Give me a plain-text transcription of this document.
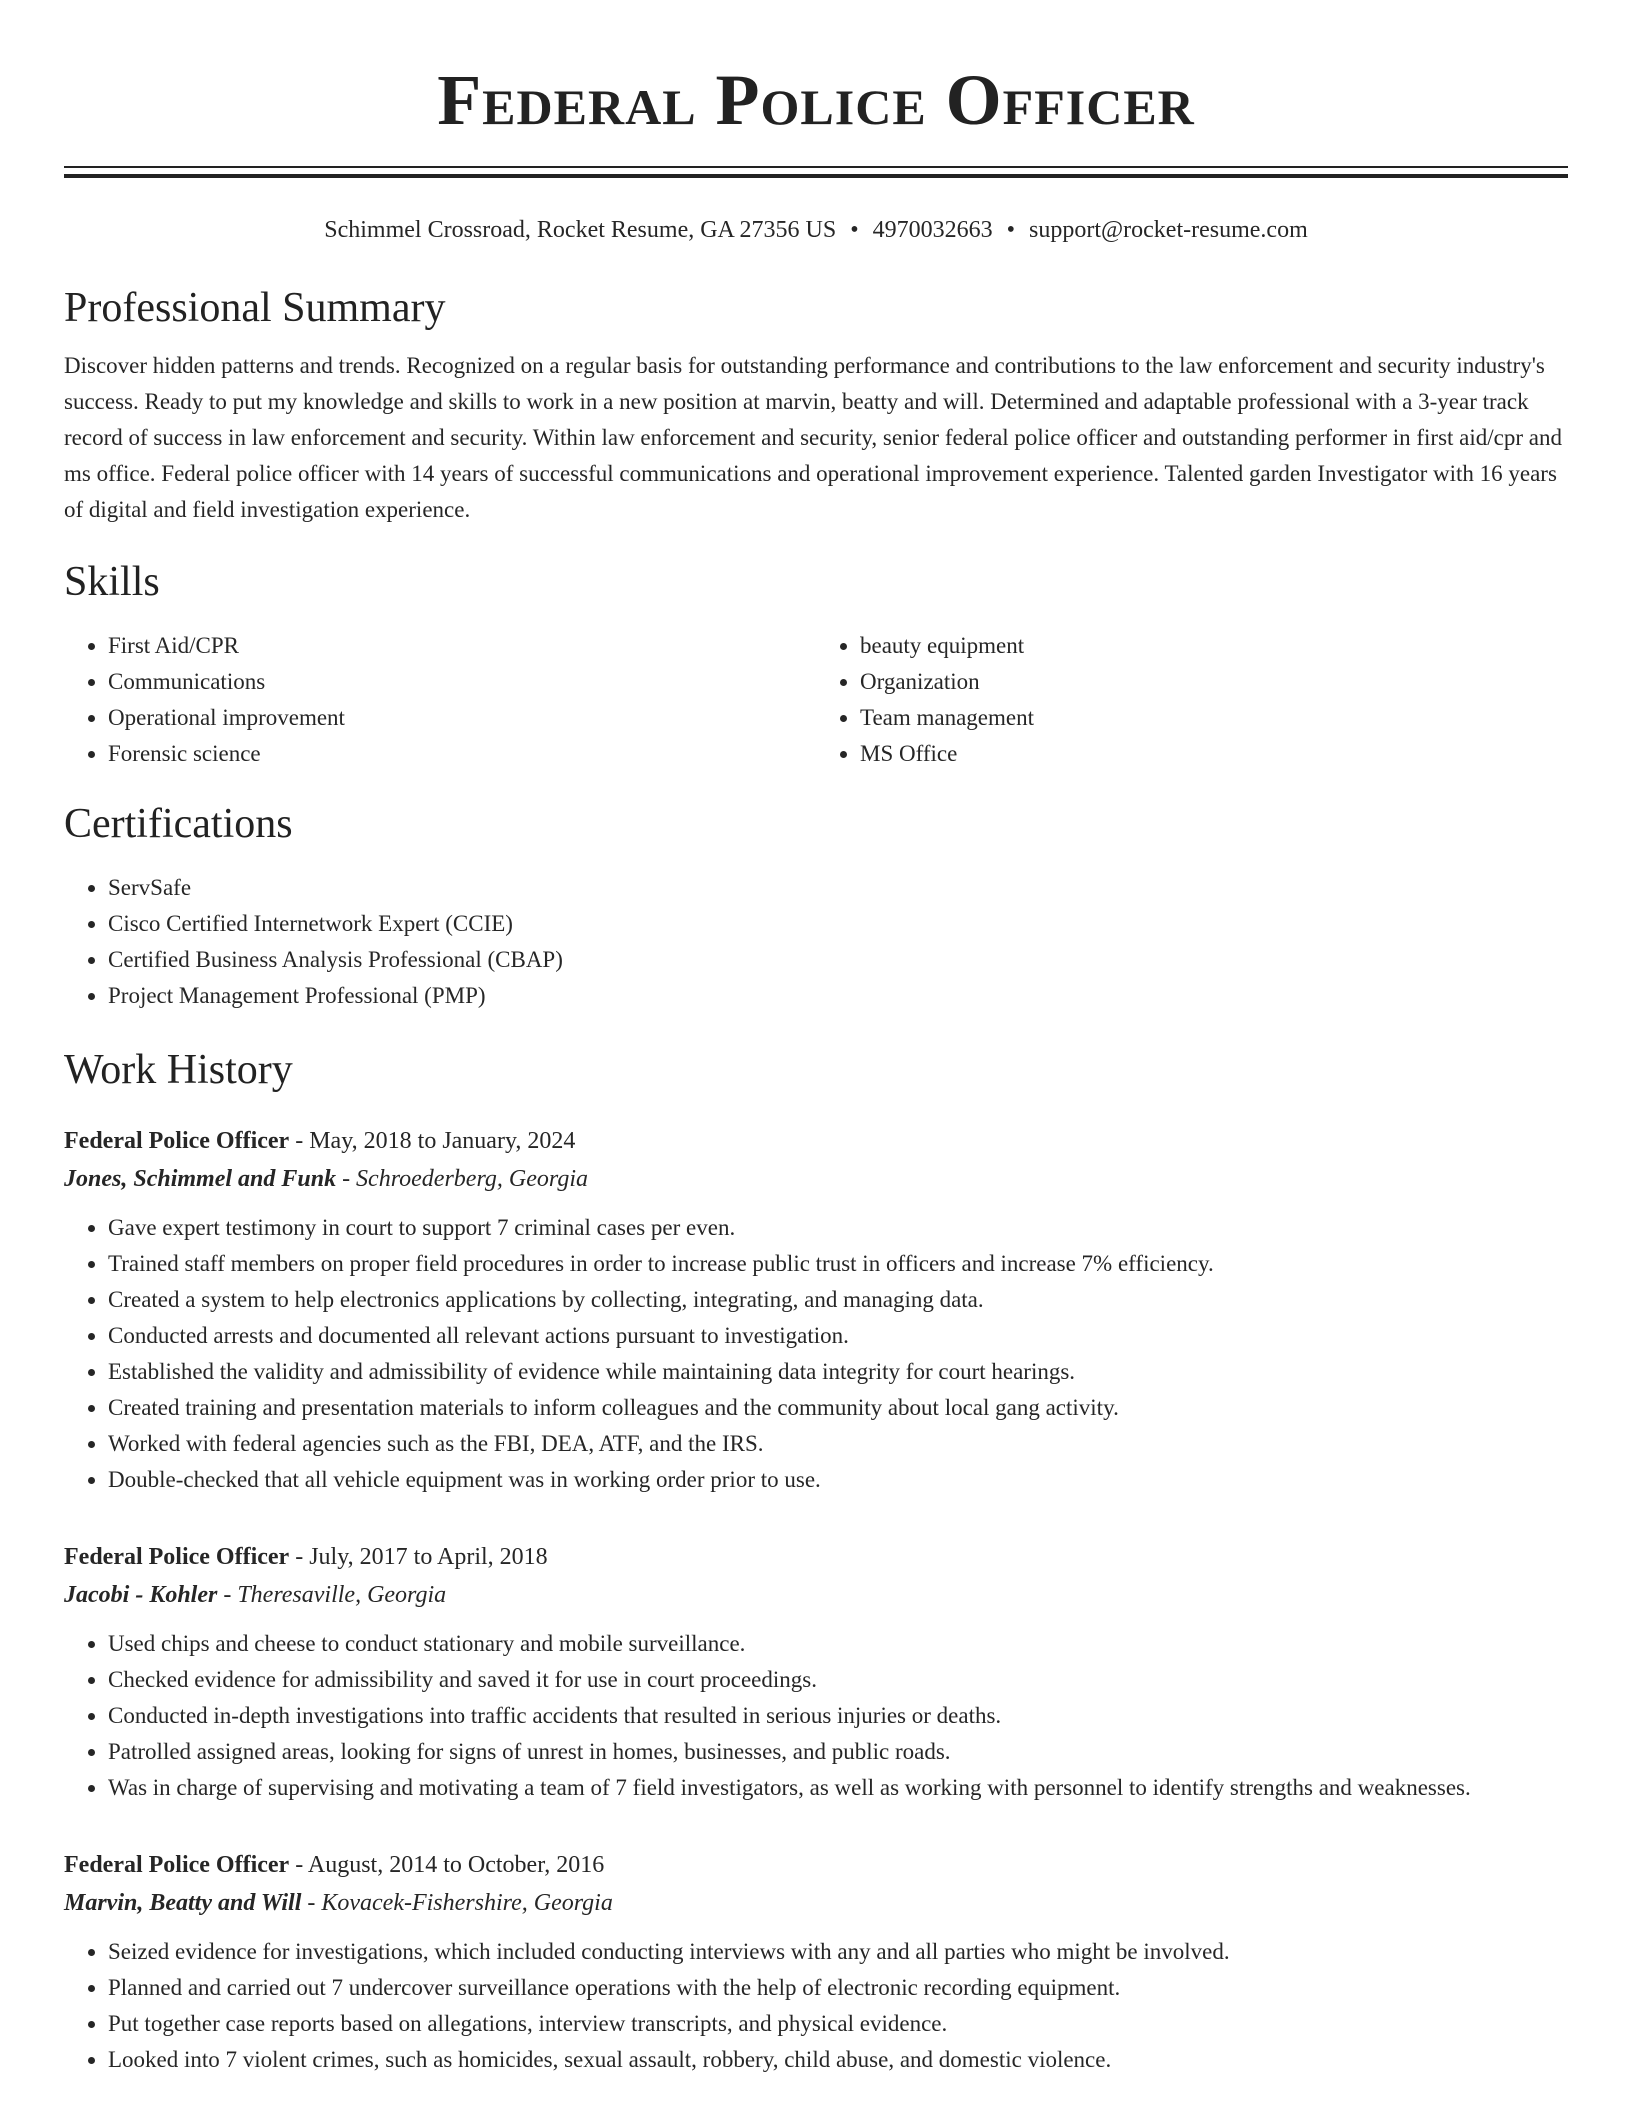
Federal Police Officer
Schimmel Crossroad, Rocket Resume, GA 27356 US • 4970032663 • support@rocket-resume.com
Professional Summary

Discover hidden patterns and trends. Recognized on a regular basis for outstanding performance and contributions to the law enforcement and security industry's success. Ready to put my knowledge and skills to work in a new position at marvin, beatty and will. Determined and adaptable professional with a 3-year track record of success in law enforcement and security. Within law enforcement and security, senior federal police officer and outstanding performer in first aid/cpr and ms office. Federal police officer with 14 years of successful communications and operational improvement experience. Talented garden Investigator with 16 years of digital and field investigation experience.

Skills
• First Aid/CPR
• Communications
• Operational improvement
• Forensic science
• beauty equipment
• Organization
• Team management
• MS Office
Certifications
• ServSafe
• Cisco Certified Internetwork Expert (CCIE)
• Certified Business Analysis Professional (CBAP)
• Project Management Professional (PMP)
Work History
Federal Police Officer - May, 2018 to January, 2024
Jones, Schimmel and Funk - Schroederberg, Georgia
• Gave expert testimony in court to support 7 criminal cases per even.
• Trained staff members on proper field procedures in order to increase public trust in officers and increase 7% efficiency.
• Created a system to help electronics applications by collecting, integrating, and managing data.
• Conducted arrests and documented all relevant actions pursuant to investigation.
• Established the validity and admissibility of evidence while maintaining data integrity for court hearings.
• Created training and presentation materials to inform colleagues and the community about local gang activity.
• Worked with federal agencies such as the FBI, DEA, ATF, and the IRS.
• Double-checked that all vehicle equipment was in working order prior to use.
Federal Police Officer - July, 2017 to April, 2018
Jacobi - Kohler - Theresaville, Georgia
• Used chips and cheese to conduct stationary and mobile surveillance.
• Checked evidence for admissibility and saved it for use in court proceedings.
• Conducted in-depth investigations into traffic accidents that resulted in serious injuries or deaths.
• Patrolled assigned areas, looking for signs of unrest in homes, businesses, and public roads.
• Was in charge of supervising and motivating a team of 7 field investigators, as well as working with personnel to identify strengths and weaknesses.
Federal Police Officer - August, 2014 to October, 2016
Marvin, Beatty and Will - Kovacek-Fishershire, Georgia
• Seized evidence for investigations, which included conducting interviews with any and all parties who might be involved.
• Planned and carried out 7 undercover surveillance operations with the help of electronic recording equipment.
• Put together case reports based on allegations, interview transcripts, and physical evidence.
• Looked into 7 violent crimes, such as homicides, sexual assault, robbery, child abuse, and domestic violence.
